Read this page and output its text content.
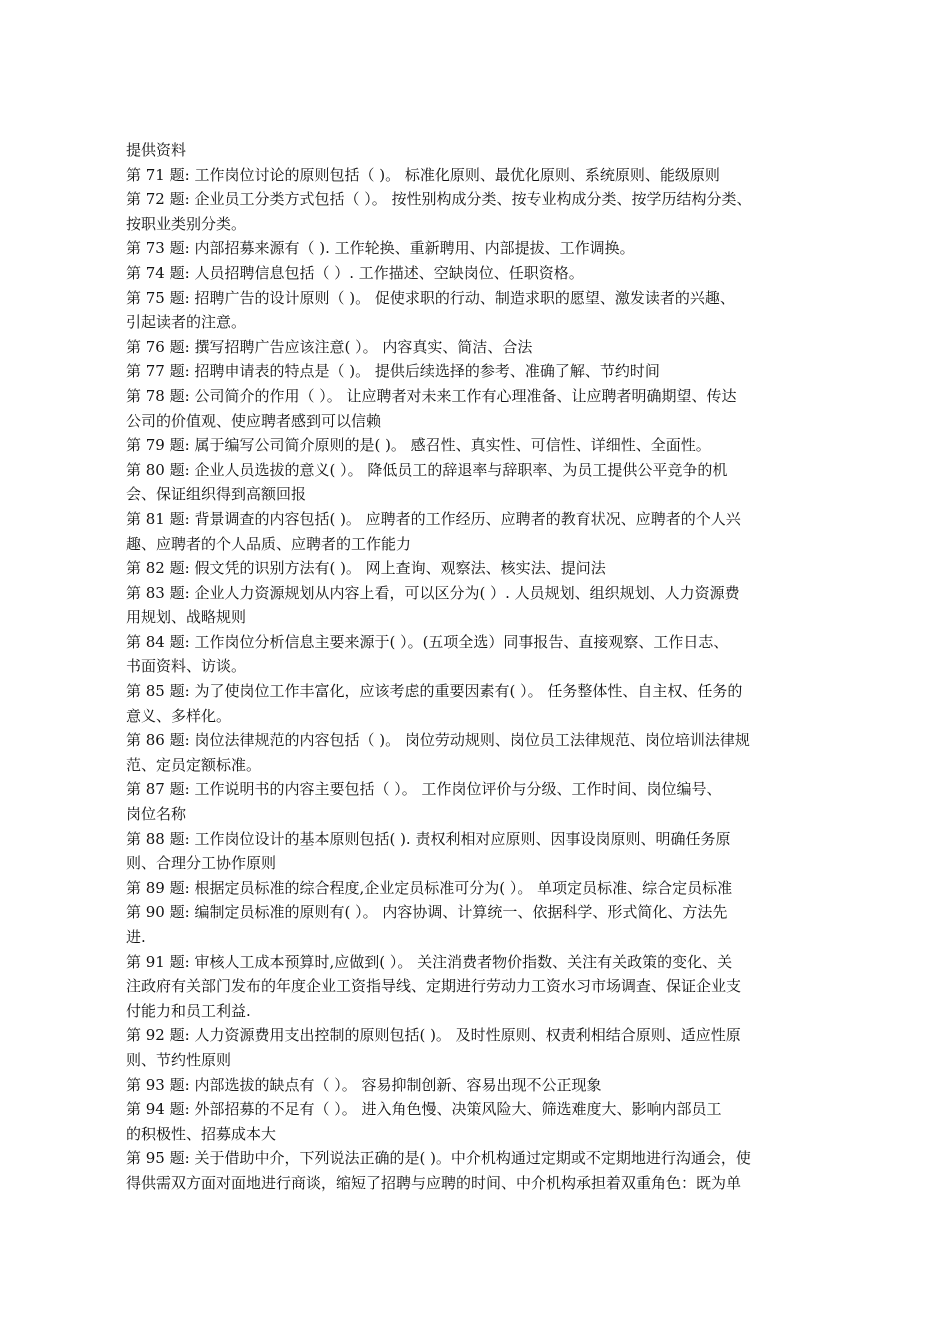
提供资料
第 71 题: 工作岗位讨论的原则包括（ )。 标准化原则、最优化原则、系统原则、能级原则
第 72 题: 企业员工分类方式包括（ ）。 按性别构成分类、按专业构成分类、按学历结构分类、
按职业类别分类。
第 73 题: 内部招募来源有（ ). 工作轮换、重新聘用、内部提拔、工作调换。
第 74 题: 人员招聘信息包括（ ）. 工作描述、空缺岗位、任职资格。
第 75 题: 招聘广告的设计原则（ )。 促使求职的行动、制造求职的愿望、激发读者的兴趣、
引起读者的注意。
第 76 题: 撰写招聘广告应该注意( ）。 内容真实、简洁、合法
第 77 题: 招聘申请表的特点是（ )。 提供后续选择的参考、准确了解、节约时间
第 78 题: 公司简介的作用（ ）。 让应聘者对未来工作有心理准备、让应聘者明确期望、传达
公司的价值观、使应聘者感到可以信赖
第 79 题: 属于编写公司简介原则的是( )。 感召性、真实性、可信性、详细性、全面性。
第 80 题: 企业人员选拔的意义( ）。 降低员工的辞退率与辞职率、为员工提供公平竞争的机
会、保证组织得到高额回报
第 81 题: 背景调查的内容包括( )。 应聘者的工作经历、应聘者的教育状况、应聘者的个人兴
趣、应聘者的个人品质、应聘者的工作能力
第 82 题: 假文凭的识别方法有( )。 网上查询、观察法、核实法、提问法
第 83 题: 企业人力资源规划从内容上看，可以区分为( ）. 人员规划、组织规划、人力资源费
用规划、战略规则
第 84 题: 工作岗位分析信息主要来源于( ）。(五项全选）同事报告、直接观察、工作日志、
书面资料、访谈。
第 85 题: 为了使岗位工作丰富化，应该考虑的重要因素有( ）。 任务整体性、自主权、任务的
意义、多样化。
第 86 题: 岗位法律规范的内容包括（ )。 岗位劳动规则、岗位员工法律规范、岗位培训法律规
范、定员定额标准。
第 87 题: 工作说明书的内容主要包括（ ）。 工作岗位评价与分级、工作时间、岗位编号、
岗位名称
第 88 题: 工作岗位设计的基本原则包括( ). 责权利相对应原则、因事设岗原则、明确任务原
则、合理分工协作原则
第 89 题: 根据定员标准的综合程度,企业定员标准可分为( ）。 单项定员标准、综合定员标准
第 90 题: 编制定员标准的原则有( ）。 内容协调、计算统一、依据科学、形式简化、方法先
进.
第 91 题: 审核人工成本预算时,应做到( ）。 关注消费者物价指数、关注有关政策的变化、关
注政府有关部门发布的年度企业工资指导线、定期进行劳动力工资水习市场调查、保证企业支
付能力和员工利益.
第 92 题: 人力资源费用支出控制的原则包括( )。 及时性原则、权责利相结合原则、适应性原
则、节约性原则
第 93 题: 内部选拔的缺点有（ ）。 容易抑制创新、容易出现不公正现象
第 94 题: 外部招募的不足有（ ）。 进入角色慢、决策风险大、筛选难度大、影响内部员工
的积极性、招募成本大
第 95 题: 关于借助中介，下列说法正确的是( )。中介机构通过定期或不定期地进行沟通会，使
得供需双方面对面地进行商谈，缩短了招聘与应聘的时间、中介机构承担着双重角色：既为单
